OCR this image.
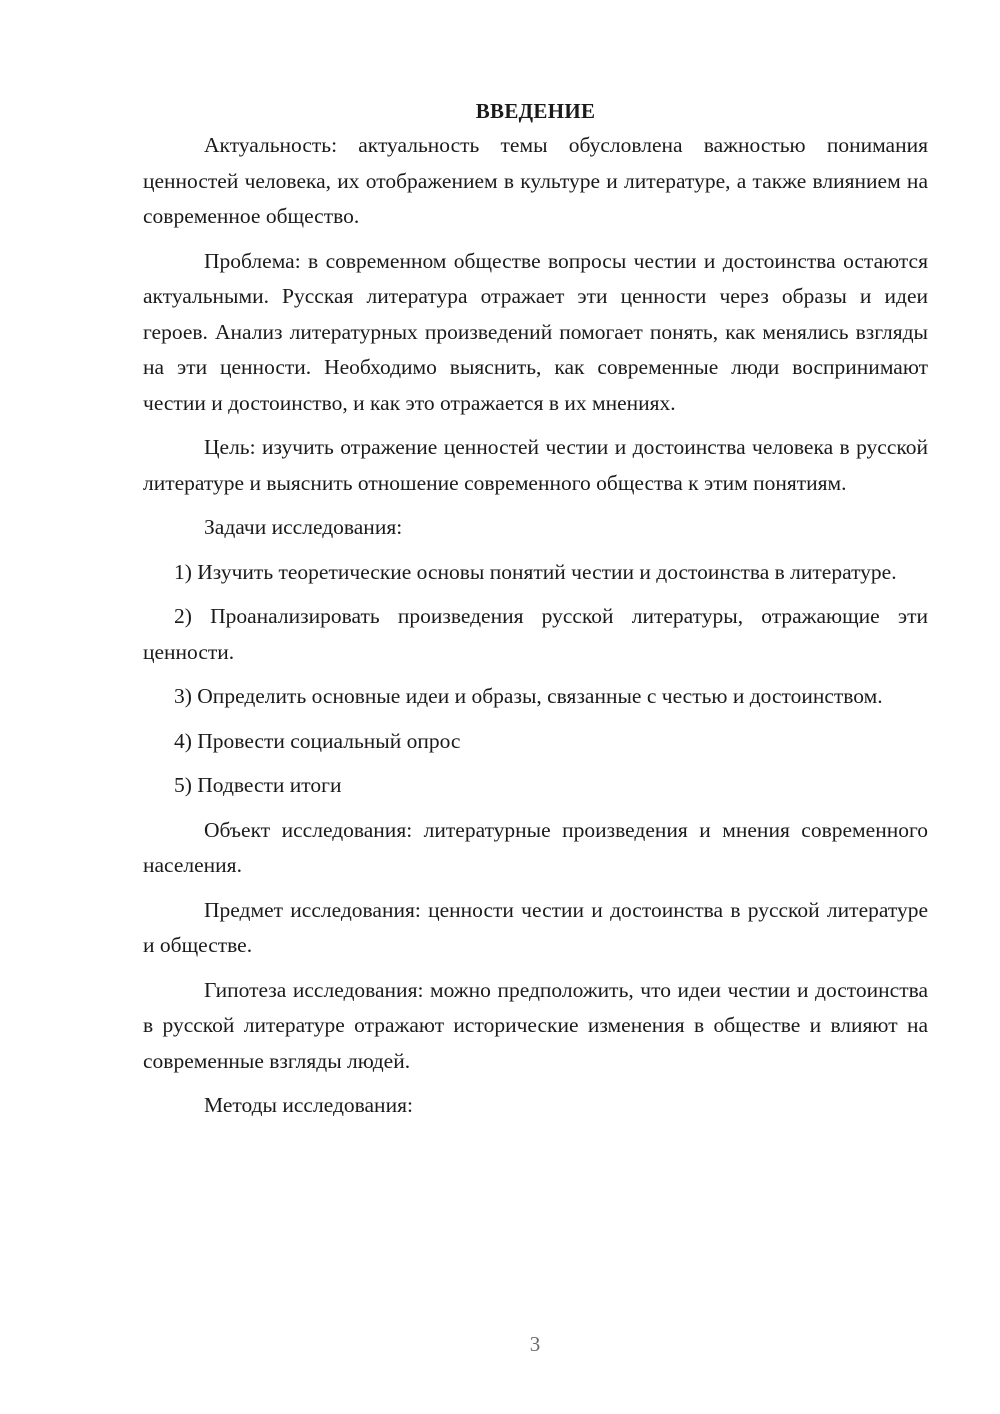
ВВЕДЕНИЕ

Актуальность: актуальность темы обусловлена важностью понимания ценностей человека, их отображением в культуре и литературе, а также влиянием на современное общество.

Проблема: в современном обществе вопросы честии и достоинства остаются актуальными. Русская литература отражает эти ценности через образы и идеи героев. Анализ литературных произведений помогает понять, как менялись взгляды на эти ценности. Необходимо выяснить, как современные люди воспринимают честии и достоинство, и как это отражается в их мнениях.

Цель: изучить отражение ценностей честии и достоинства человека в русской литературе и выяснить отношение современного общества к этим понятиям.

Задачи исследования:

1) Изучить теоретические основы понятий честии и достоинства в литературе.

2) Проанализировать произведения русской литературы, отражающие эти ценности.

3) Определить основные идеи и образы, связанные с честью и достоинством.

4) Провести социальный опрос

5) Подвести итоги

Объект исследования: литературные произведения и мнения современного населения.

Предмет исследования: ценности честии и достоинства в русской литературе и обществе.

Гипотеза исследования: можно предположить, что идеи честии и достоинства в русской литературе отражают исторические изменения в обществе и влияют на современные взгляды людей.

Методы исследования:

3
